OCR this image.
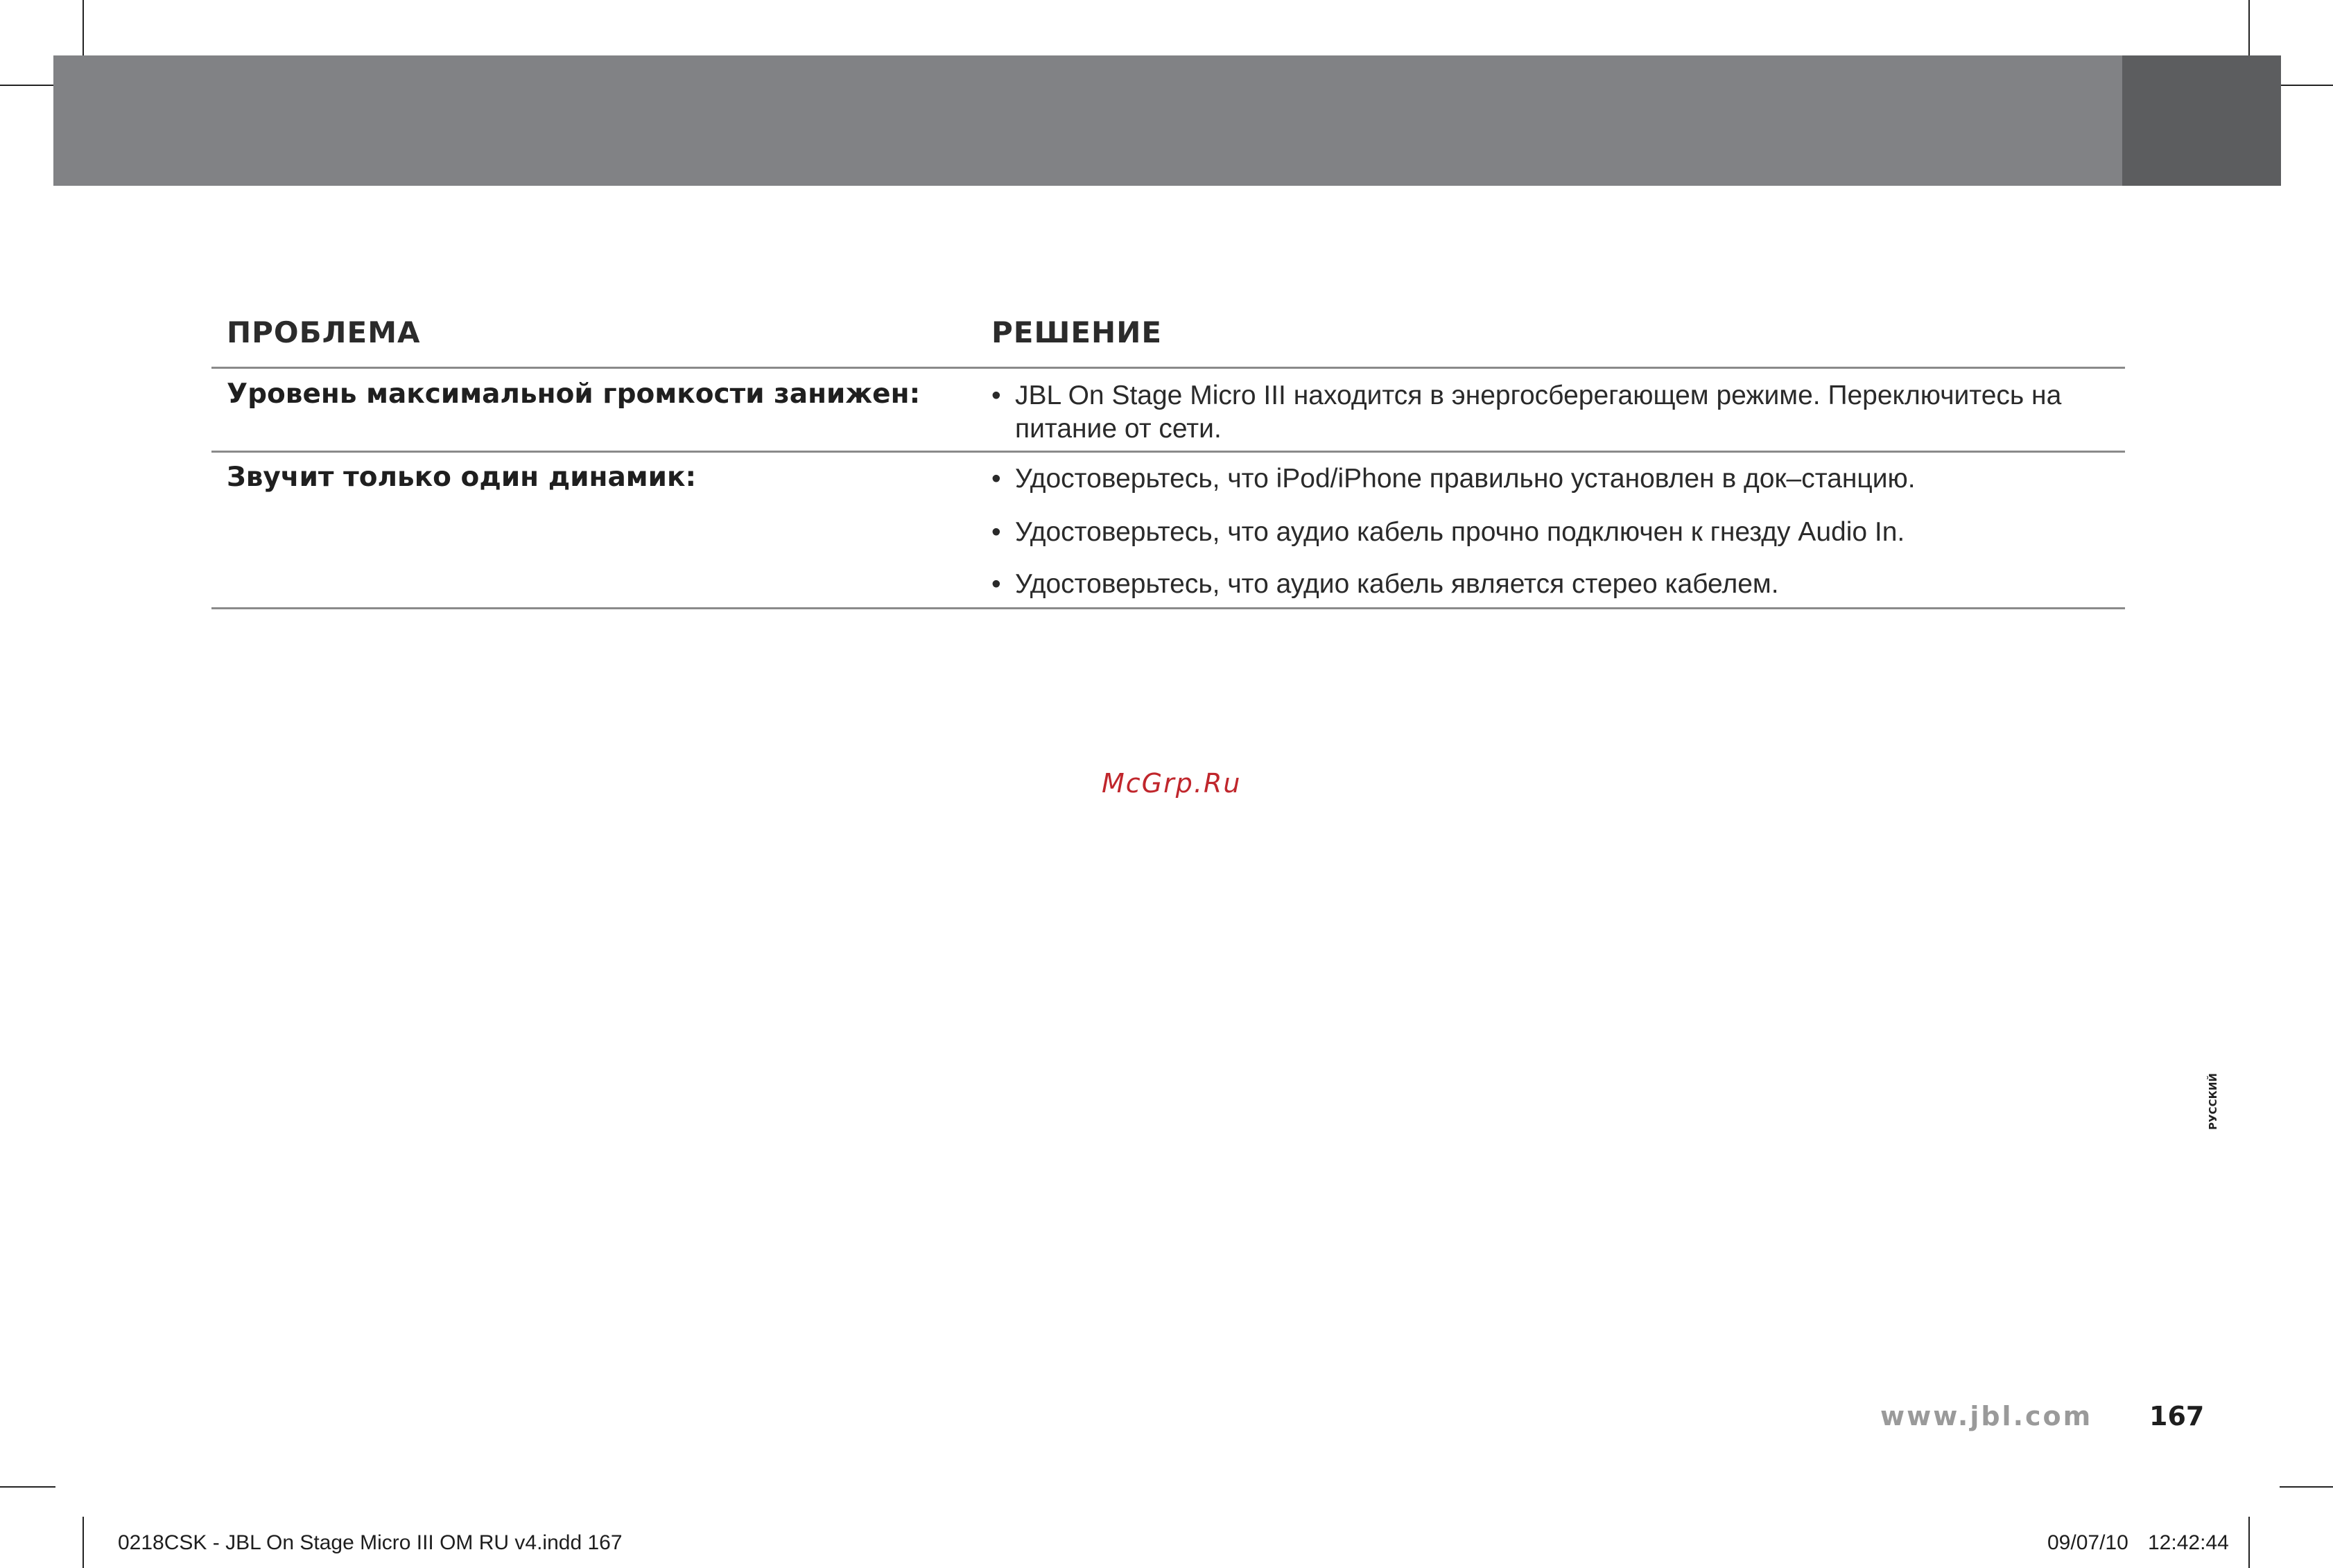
ПРОБЛЕМА	РЕШЕНИЕ
Уровень максимальной громкости занижен:	• JBL On Stage Micro III находится в энергосберегающем режиме. Переключитесь на питание от сети.
Звучит только один динамик:	• Удостоверьтесь, что iPod/iPhone правильно установлен в док–станцию.
• Удостоверьтесь, что аудио кабель прочно подключен к гнезду Audio In.
• Удостоверьтесь, что аудио кабель является стерео кабелем.
McGrp.Ru
РУССКИЙ
www.jbl.com 167
0218CSK - JBL On Stage Micro III OM RU v4.indd 167	09/07/10 12:42:44
